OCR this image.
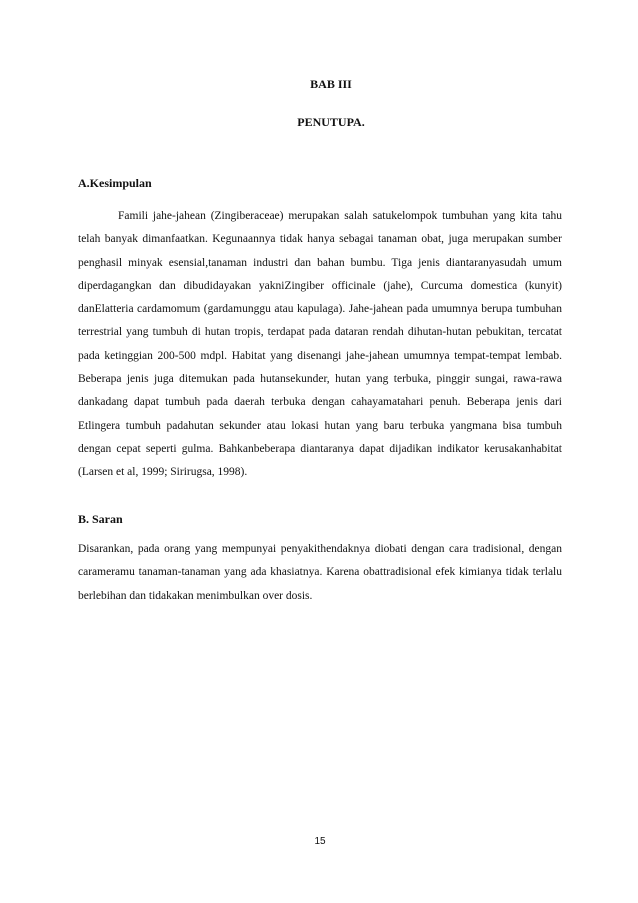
BAB III

PENUTUPA.

A.Kesimpulan

Famili jahe-jahean (Zingiberaceae) merupakan salah satukelompok tumbuhan yang kita tahu telah banyak dimanfaatkan. Kegunaannya tidak hanya sebagai tanaman obat, juga merupakan sumber penghasil minyak esensial,tanaman industri dan bahan bumbu. Tiga jenis diantaranyasudah umum diperdagangkan dan dibudidayakan yakniZingiber officinale (jahe), Curcuma domestica (kunyit) danElatteria cardamomum (gardamunggu atau kapulaga). Jahe-jahean pada umumnya berupa tumbuhan terrestrial yang tumbuh di hutan tropis, terdapat pada dataran rendah dihutan-hutan pebukitan, tercatat pada ketinggian 200-500 mdpl. Habitat yang disenangi jahe-jahean umumnya tempat-tempat lembab. Beberapa jenis juga ditemukan pada hutansekunder, hutan yang terbuka, pinggir sungai, rawa-rawa dankadang dapat tumbuh pada daerah terbuka dengan cahayamatahari penuh. Beberapa jenis dari Etlingera tumbuh padahutan sekunder atau lokasi hutan yang baru terbuka yangmana bisa tumbuh dengan cepat seperti gulma. Bahkanbeberapa diantaranya dapat dijadikan indikator kerusakanhabitat (Larsen et al, 1999; Sirirugsa, 1998).

B. Saran

Disarankan, pada orang yang mempunyai penyakithendaknya diobati dengan cara tradisional, dengan carameramu tanaman-tanaman yang ada khasiatnya. Karena obattradisional efek kimianya tidak terlalu berlebihan dan tidakakan menimbulkan over dosis.

15
